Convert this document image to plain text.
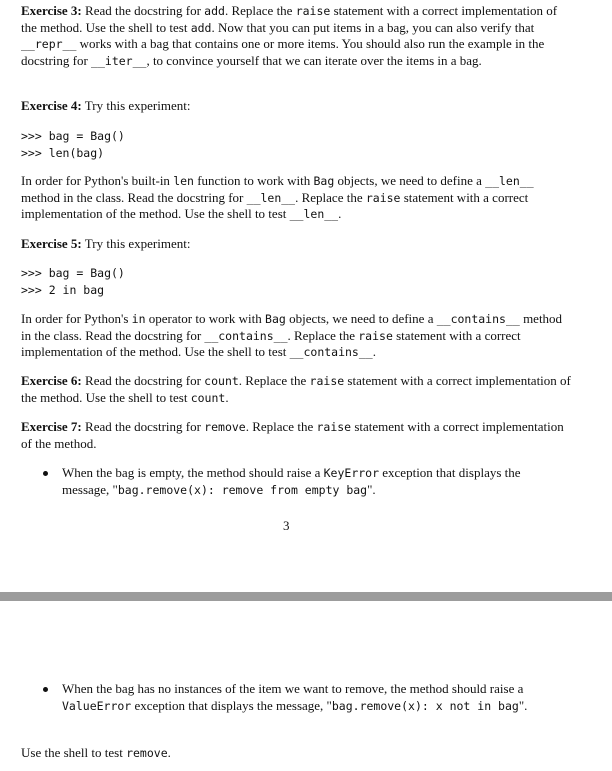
Exercise 3: Read the docstring for add. Replace the raise statement with a correct implementation of the method. Use the shell to test add. Now that you can put items in a bag, you can also verify that __repr__ works with a bag that contains one or more items. You should also run the example in the docstring for __iter__, to convince yourself that we can iterate over the items in a bag.
Exercise 4: Try this experiment:
>>> bag = Bag()
>>> len(bag)
In order for Python's built-in len function to work with Bag objects, we need to define a __len__ method in the class. Read the docstring for __len__. Replace the raise statement with a correct implementation of the method. Use the shell to test __len__.
Exercise 5: Try this experiment:
>>> bag = Bag()
>>> 2 in bag
In order for Python's in operator to work with Bag objects, we need to define a __contains__ method in the class. Read the docstring for __contains__. Replace the raise statement with a correct implementation of the method. Use the shell to test __contains__.
Exercise 6: Read the docstring for count. Replace the raise statement with a correct implementation of the method. Use the shell to test count.
Exercise 7: Read the docstring for remove. Replace the raise statement with a correct implementation of the method.
When the bag is empty, the method should raise a KeyError exception that displays the message, "bag.remove(x): remove from empty bag".
3
When the bag has no instances of the item we want to remove, the method should raise a ValueError exception that displays the message, "bag.remove(x): x not in bag".
Use the shell to test remove.
